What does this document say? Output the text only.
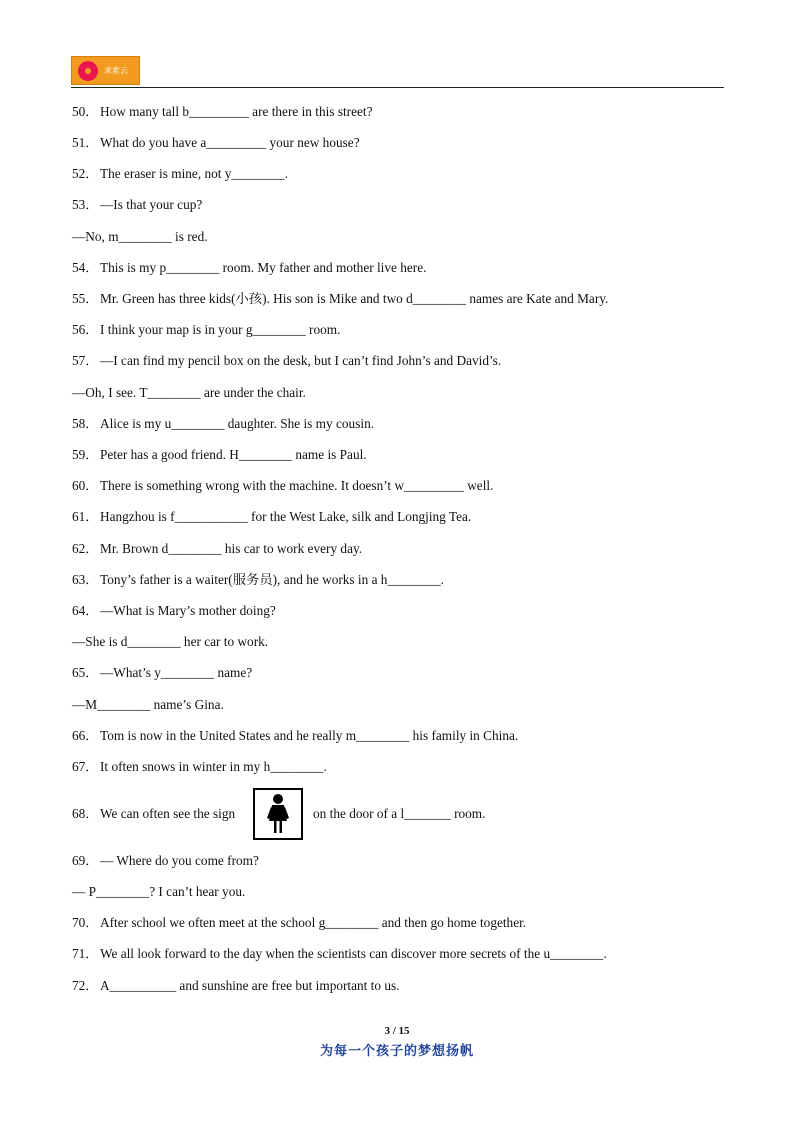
求索云
50．How many tall b_________ are there in this street?
51．What do you have a_________ your new house?
52．The eraser is mine, not y________.
53．—Is that your cup?
—No, m________ is red.
54．This is my p________ room. My father and mother live here.
55．Mr. Green has three kids(小孩). His son is Mike and two d________ names are Kate and Mary.
56．I think your map is in your g________ room.
57．—I can find my pencil box on the desk, but I can’t find John’s and David’s.
—Oh, I see. T________ are under the chair.
58．Alice is my u________ daughter. She is my cousin.
59．Peter has a good friend. H________ name is Paul.
60．There is something wrong with the machine. It doesn’t w_________ well.
61．Hangzhou is f___________ for the West Lake, silk and Longjing Tea.
62．Mr. Brown d________ his car to work every day.
63．Tony’s father is a waiter(服务员), and he works in a h________.
64．—What is Mary’s mother doing?
—She is d________ her car to work.
65．—What’s y________ name?
—M________ name’s Gina.
66．Tom is now in the United States and he really m________ his family in China.
67．It often snows in winter in my h________.
68．We can often see the sign	on the door of a l_______ room.
69．— Where do you come from?
— P________? I can’t hear you.
70．After school we often meet at the school g________ and then go home together.
71．We all look forward to the day when the scientists can discover more secrets of the u________.
72．A__________ and sunshine are free but important to us.
3 / 15
为每一个孩子的梦想扬帆
